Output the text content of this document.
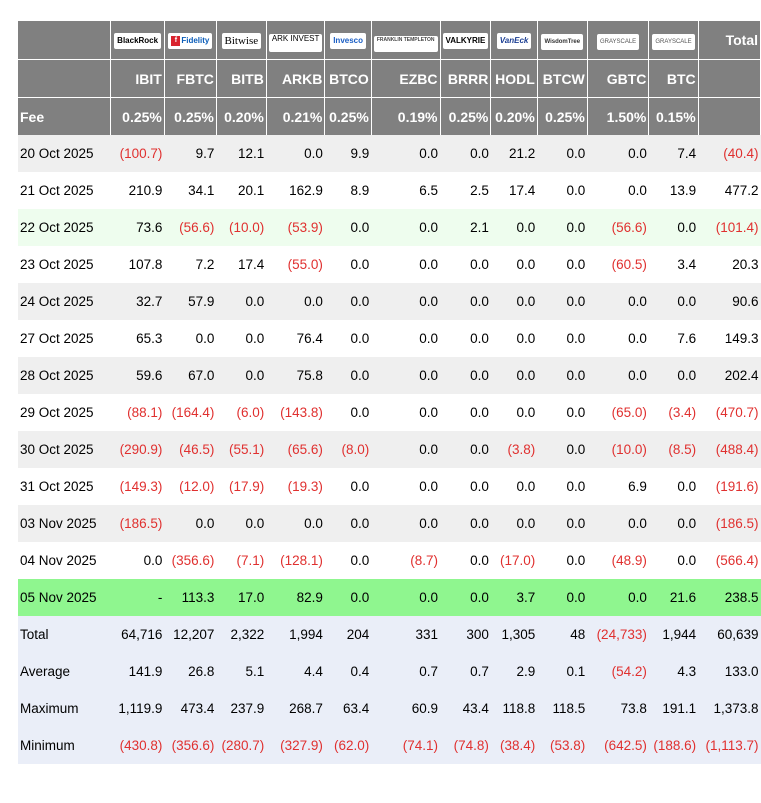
	BlackRock	f Fidelity	Bitwise	ARK INVEST	Invesco	FRANKLIN TEMPLETON	VALKYRIE	VanEck	WisdomTree	GRAYSCALE	GRAYSCALE	Total
	IBIT	FBTC	BITB	ARKB	BTCO	EZBC	BRRR	HODL	BTCW	GBTC	BTC	
Fee	0.25%	0.25%	0.20%	0.21%	0.25%	0.19%	0.25%	0.20%	0.25%	1.50%	0.15%	
20 Oct 2025	(100.7)	9.7	12.1	0.0	9.9	0.0	0.0	21.2	0.0	0.0	7.4	(40.4)
21 Oct 2025	210.9	34.1	20.1	162.9	8.9	6.5	2.5	17.4	0.0	0.0	13.9	477.2
22 Oct 2025	73.6	(56.6)	(10.0)	(53.9)	0.0	0.0	2.1	0.0	0.0	(56.6)	0.0	(101.4)
23 Oct 2025	107.8	7.2	17.4	(55.0)	0.0	0.0	0.0	0.0	0.0	(60.5)	3.4	20.3
24 Oct 2025	32.7	57.9	0.0	0.0	0.0	0.0	0.0	0.0	0.0	0.0	0.0	90.6
27 Oct 2025	65.3	0.0	0.0	76.4	0.0	0.0	0.0	0.0	0.0	0.0	7.6	149.3
28 Oct 2025	59.6	67.0	0.0	75.8	0.0	0.0	0.0	0.0	0.0	0.0	0.0	202.4
29 Oct 2025	(88.1)	(164.4)	(6.0)	(143.8)	0.0	0.0	0.0	0.0	0.0	(65.0)	(3.4)	(470.7)
30 Oct 2025	(290.9)	(46.5)	(55.1)	(65.6)	(8.0)	0.0	0.0	(3.8)	0.0	(10.0)	(8.5)	(488.4)
31 Oct 2025	(149.3)	(12.0)	(17.9)	(19.3)	0.0	0.0	0.0	0.0	0.0	6.9	0.0	(191.6)
03 Nov 2025	(186.5)	0.0	0.0	0.0	0.0	0.0	0.0	0.0	0.0	0.0	0.0	(186.5)
04 Nov 2025	0.0	(356.6)	(7.1)	(128.1)	0.0	(8.7)	0.0	(17.0)	0.0	(48.9)	0.0	(566.4)
05 Nov 2025	-	113.3	17.0	82.9	0.0	0.0	0.0	3.7	0.0	0.0	21.6	238.5
Total	64,716	12,207	2,322	1,994	204	331	300	1,305	48	(24,733)	1,944	60,639
Average	141.9	26.8	5.1	4.4	0.4	0.7	0.7	2.9	0.1	(54.2)	4.3	133.0
Maximum	1,119.9	473.4	237.9	268.7	63.4	60.9	43.4	118.8	118.5	73.8	191.1	1,373.8
Minimum	(430.8)	(356.6)	(280.7)	(327.9)	(62.0)	(74.1)	(74.8)	(38.4)	(53.8)	(642.5)	(188.6)	(1,113.7)
